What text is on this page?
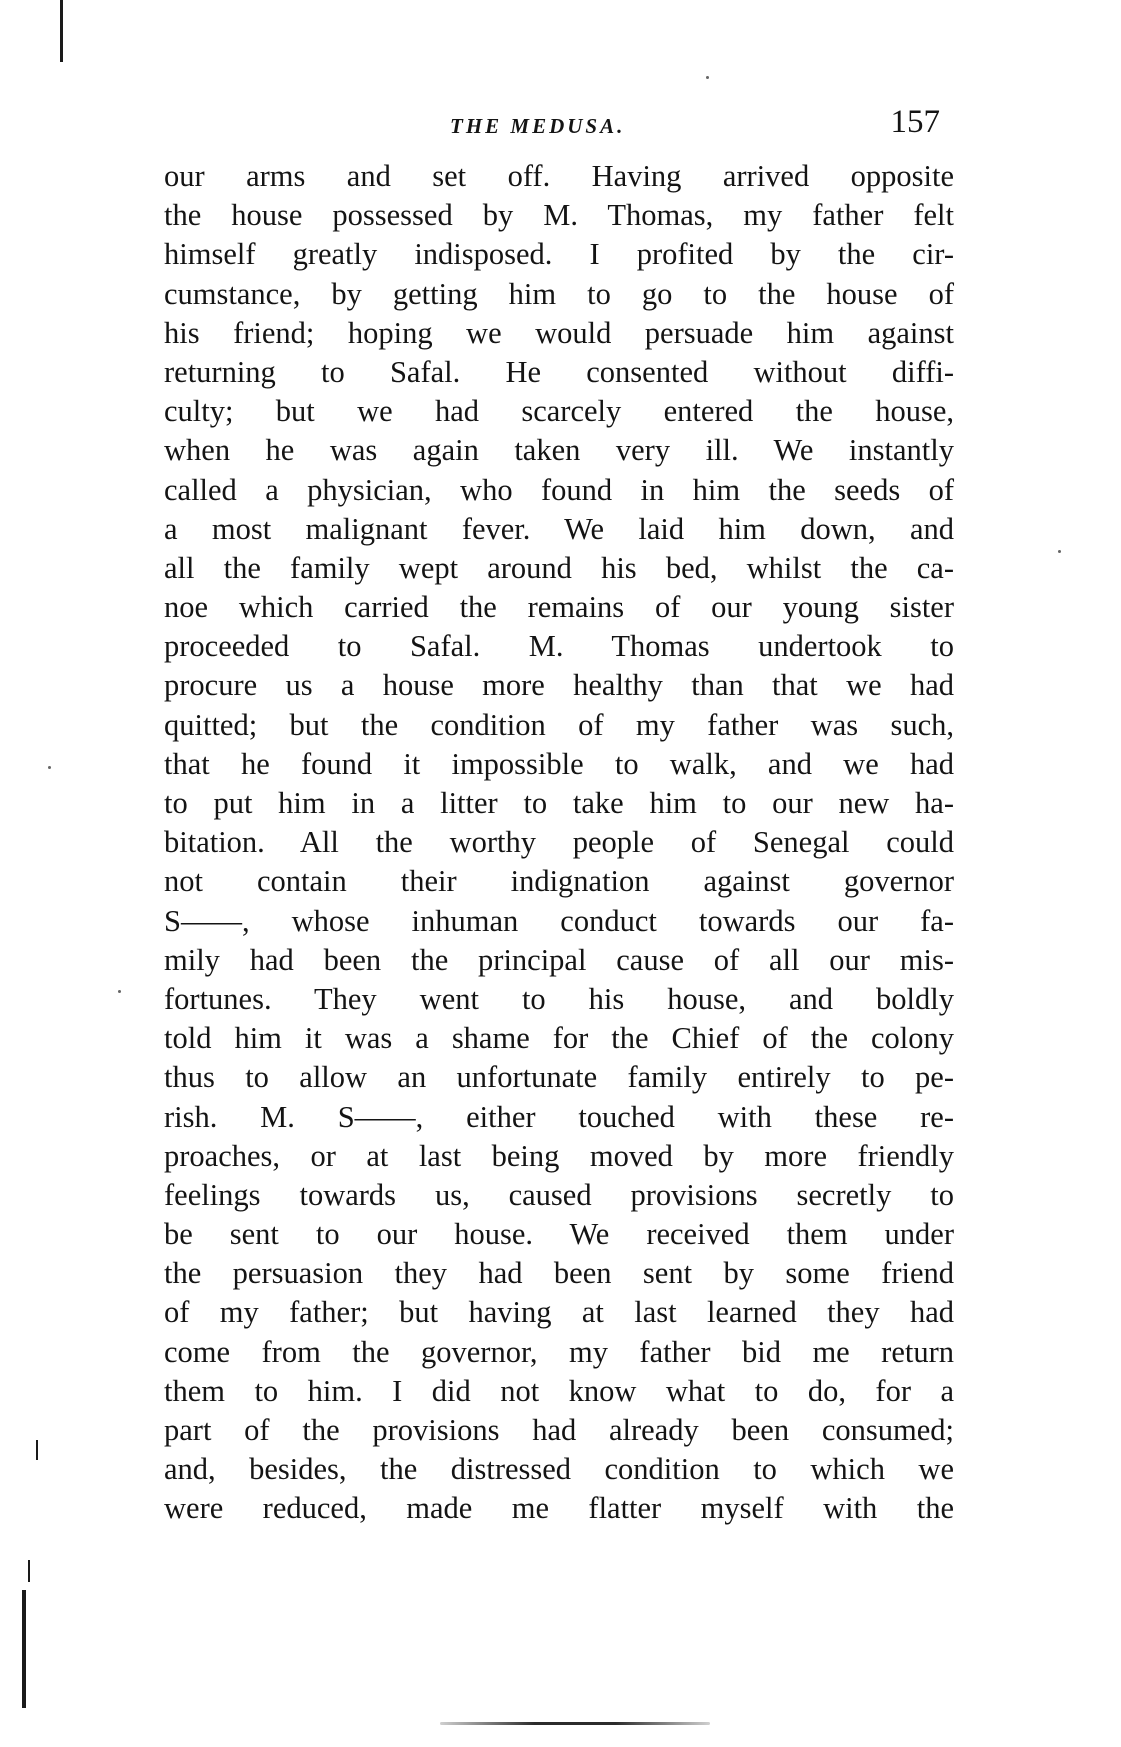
THE MEDUSA.	157
our arms and set off. Having arrived opposite
the house possessed by M. Thomas, my father felt
himself greatly indisposed. I profited by the cir-
cumstance, by getting him to go to the house of
his friend; hoping we would persuade him against
returning to Safal. He consented without diffi-
culty; but we had scarcely entered the house,
when he was again taken very ill. We instantly
called a physician, who found in him the seeds of
a most malignant fever. We laid him down, and
all the family wept around his bed, whilst the ca-
noe which carried the remains of our young sister
proceeded to Safal. M. Thomas undertook to
procure us a house more healthy than that we had
quitted; but the condition of my father was such,
that he found it impossible to walk, and we had
to put him in a litter to take him to our new ha-
bitation. All the worthy people of Senegal could
not contain their indignation against governor
S——, whose inhuman conduct towards our fa-
mily had been the principal cause of all our mis-
fortunes. They went to his house, and boldly
told him it was a shame for the Chief of the colony
thus to allow an unfortunate family entirely to pe-
rish. M. S——, either touched with these re-
proaches, or at last being moved by more friendly
feelings towards us, caused provisions secretly to
be sent to our house. We received them under
the persuasion they had been sent by some friend
of my father; but having at last learned they had
come from the governor, my father bid me return
them to him. I did not know what to do, for a
part of the provisions had already been consumed;
and, besides, the distressed condition to which we
were reduced, made me flatter myself with the
